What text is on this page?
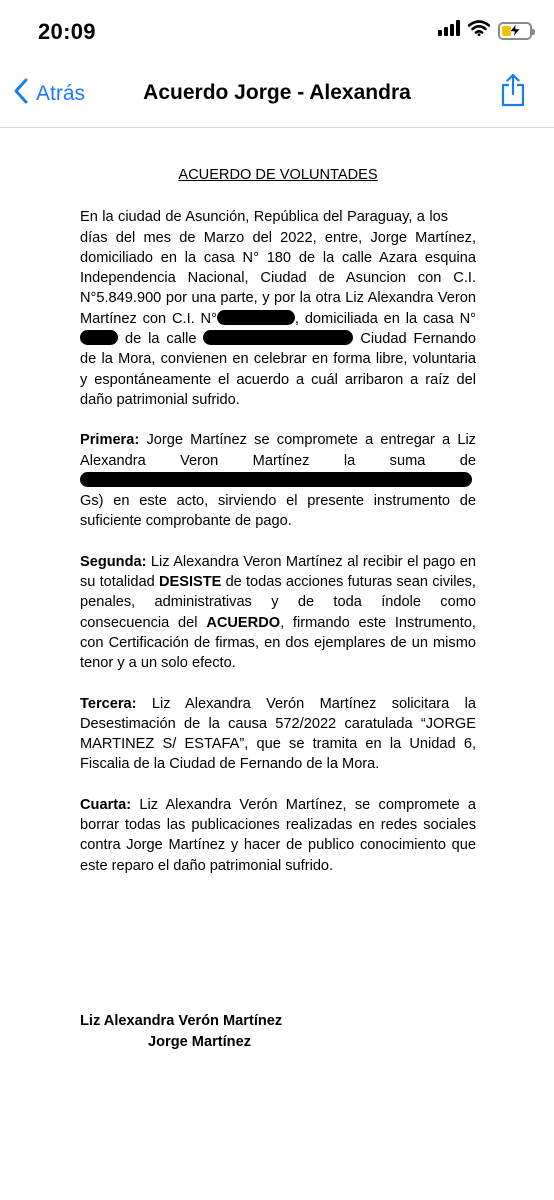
20:09
Atrás	Acuerdo Jorge - Alexandra
ACUERDO DE VOLUNTADES

En la ciudad de Asunción, República del Paraguay, a losdías del mes de Marzo del 2022, entre, Jorge Martínez, domiciliado en la casa N° 180 de la calle Azara esquina Independencia Nacional, Ciudad de Asuncion con C.I. N°5.849.900 por una parte, y por la otra Liz Alexandra Veron Martínez con C.I. N°	, domiciliada en la casa N°  de la calle	Ciudad Fernando de la Mora, convienen en celebrar en forma libre, voluntaria y espontáneamente el acuerdo a cuál arribaron a raíz del daño patrimonial sufrido.

Primera: Jorge Martínez se compromete a entregar a Liz Alexandra Veron Martínez la suma de  Gs) en este acto, sirviendo el presente instrumento de suficiente comprobante de pago.

Segunda: Liz Alexandra Veron Martínez al recibir el pago en su totalidad DESISTE de todas acciones futuras sean civiles, penales, administrativas y de toda índole como consecuencia del ACUERDO, firmando este Instrumento, con Certificación de firmas, en dos ejemplares de un mismo tenor y a un solo efecto.

Tercera: Liz Alexandra Verón Martínez solicitara la Desestimación de la causa 572/2022 caratulada “JORGE MARTINEZ S/ ESTAFA”, que se tramita en la Unidad 6, Fiscalia de la Ciudad de Fernando de la Mora.

Cuarta: Liz Alexandra Verón Martínez, se compromete a borrar todas las publicaciones realizadas en redes sociales contra Jorge Martínez y hacer de publico conocimiento que este reparo el daño patrimonial sufrido.

Liz Alexandra Verón Martínez
Jorge Martínez
